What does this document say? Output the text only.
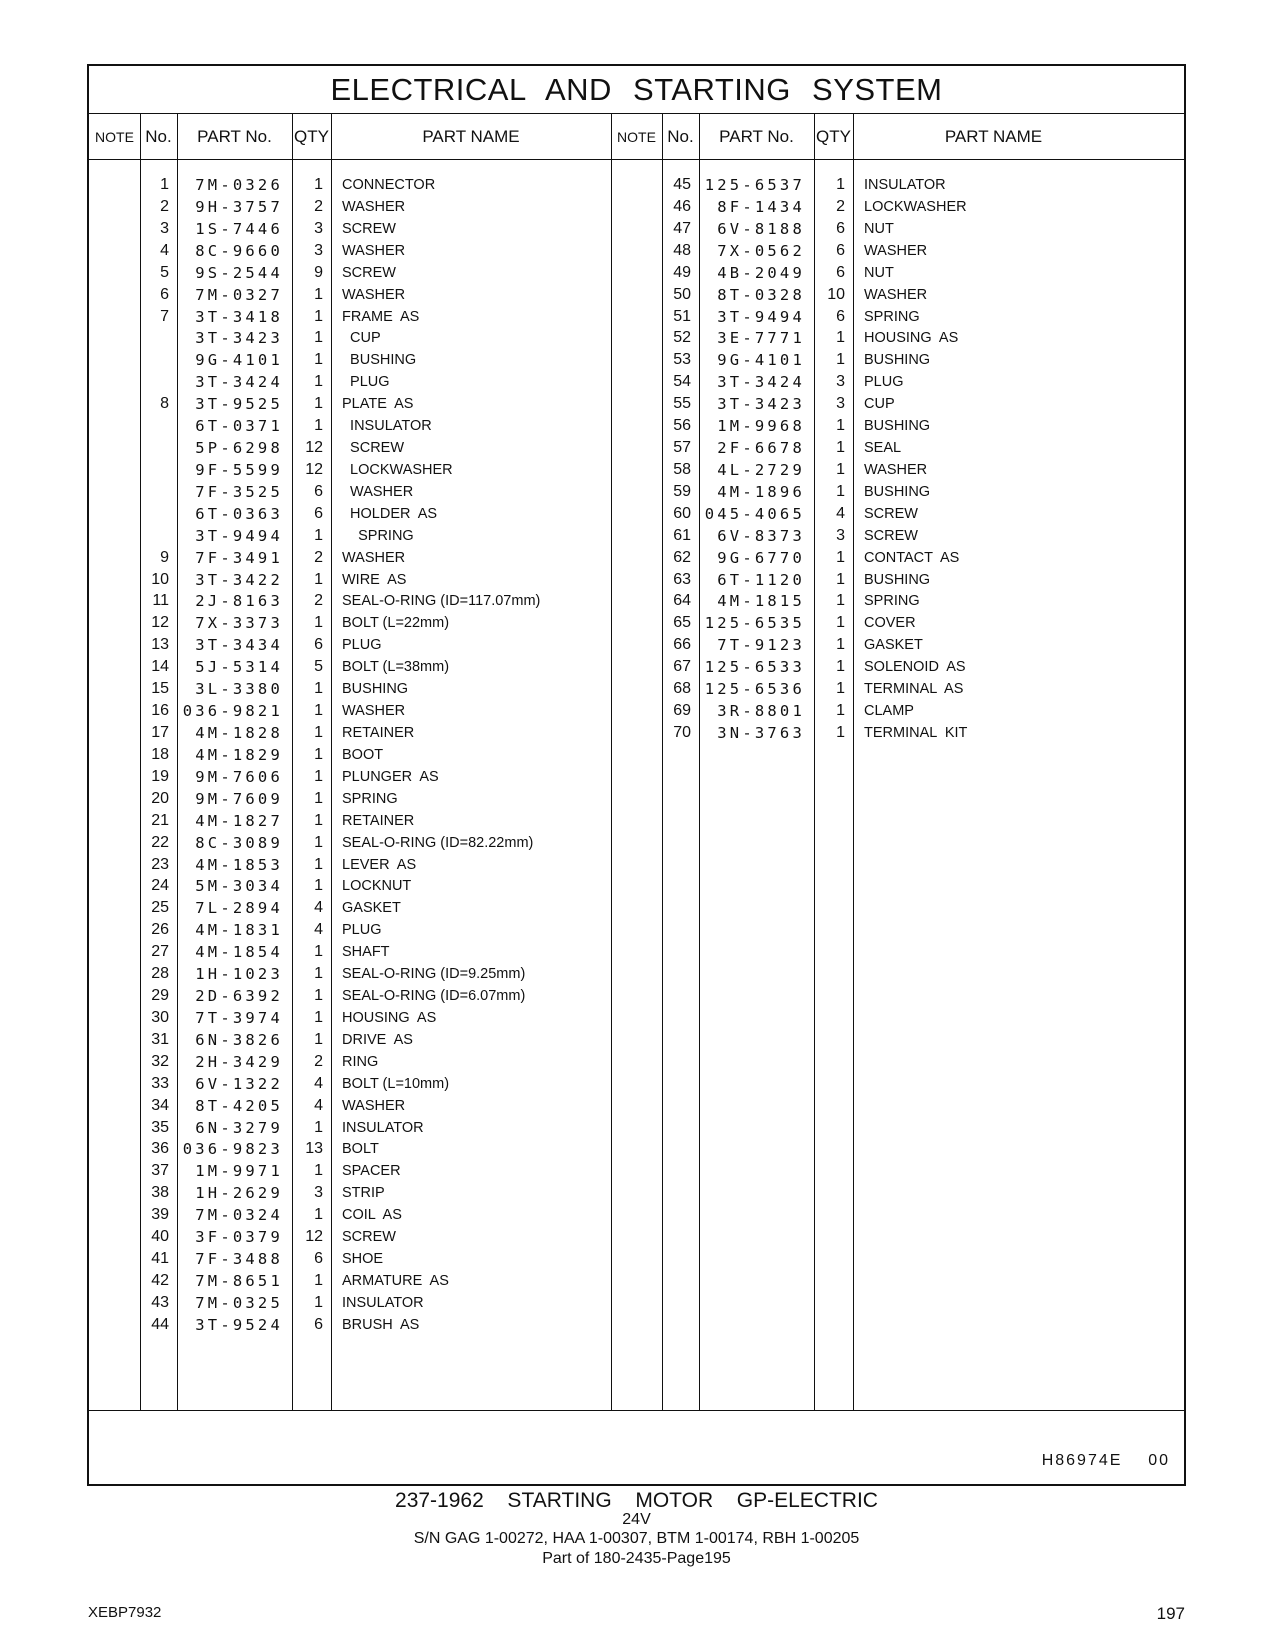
ELECTRICAL AND STARTING SYSTEM
NOTE No.	PART No.	QTY	PART NAME	NOTE No.	PART No.	QTY	PART NAME
1	7M-0326	1 CONNECTOR
2	9H-3757	2 WASHER
3	1S-7446	3 SCREW
4	8C-9660	3 WASHER
5	9S-2544	9 SCREW
6	7M-0327	1 WASHER
7	3T-3418	1 FRAME  AS
3T-3423	1 CUP
9G-4101	1 BUSHING
3T-3424	1 PLUG
8	3T-9525	1 PLATE  AS
6T-0371	1 INSULATOR
5P-6298	12 SCREW
9F-5599	12 LOCKWASHER
7F-3525	6 WASHER
6T-0363	6 HOLDER  AS
3T-9494	1 SPRING
9	7F-3491	2 WASHER
10	3T-3422	1 WIRE  AS
11	2J-8163	2 SEAL-O-RING (ID=117.07mm)
12	7X-3373	1 BOLT (L=22mm)
13	3T-3434	6 PLUG
14	5J-5314	5 BOLT (L=38mm)
15	3L-3380	1 BUSHING
16 036-9821	1 WASHER
17	4M-1828	1 RETAINER
18	4M-1829	1 BOOT
19	9M-7606	1 PLUNGER  AS
20	9M-7609	1 SPRING
21	4M-1827	1 RETAINER
22	8C-3089	1 SEAL-O-RING (ID=82.22mm)
23	4M-1853	1 LEVER  AS
24	5M-3034	1 LOCKNUT
25	7L-2894	4 GASKET
26	4M-1831	4 PLUG
27	4M-1854	1 SHAFT
28	1H-1023	1 SEAL-O-RING (ID=9.25mm)
29	2D-6392	1 SEAL-O-RING (ID=6.07mm)
30	7T-3974	1 HOUSING  AS
31	6N-3826	1 DRIVE  AS
32	2H-3429	2 RING
33	6V-1322	4 BOLT (L=10mm)
34	8T-4205	4 WASHER
35	6N-3279	1 INSULATOR
36 036-9823	13 BOLT
37	1M-9971	1 SPACER
38	1H-2629	3 STRIP
39	7M-0324	1 COIL  AS
40	3F-0379	12 SCREW
41	7F-3488	6 SHOE
42	7M-8651	1 ARMATURE  AS
43	7M-0325	1 INSULATOR
44	3T-9524	6 BRUSH  AS
45 125-6537	1 INSULATOR
46	8F-1434	2 LOCKWASHER
47	6V-8188	6 NUT
48	7X-0562	6 WASHER
49	4B-2049	6 NUT
50	8T-0328	10 WASHER
51	3T-9494	6 SPRING
52	3E-7771	1 HOUSING  AS
53	9G-4101	1 BUSHING
54	3T-3424	3 PLUG
55	3T-3423	3 CUP
56	1M-9968	1 BUSHING
57	2F-6678	1 SEAL
58	4L-2729	1 WASHER
59	4M-1896	1 BUSHING
60 045-4065	4 SCREW
61	6V-8373	3 SCREW
62	9G-6770	1 CONTACT  AS
63	6T-1120	1 BUSHING
64	4M-1815	1 SPRING
65 125-6535	1 COVER
66	7T-9123	1 GASKET
67 125-6533	1 SOLENOID  AS
68 125-6536	1 TERMINAL  AS
69	3R-8801	1 CLAMP
70	3N-3763	1 TERMINAL  KIT
H86974E    00
237-1962  STARTING  MOTOR  GP-ELECTRIC
24V
S/N GAG 1-00272, HAA 1-00307, BTM 1-00174, RBH 1-00205
Part of 180-2435-Page195
XEBP7932	197
